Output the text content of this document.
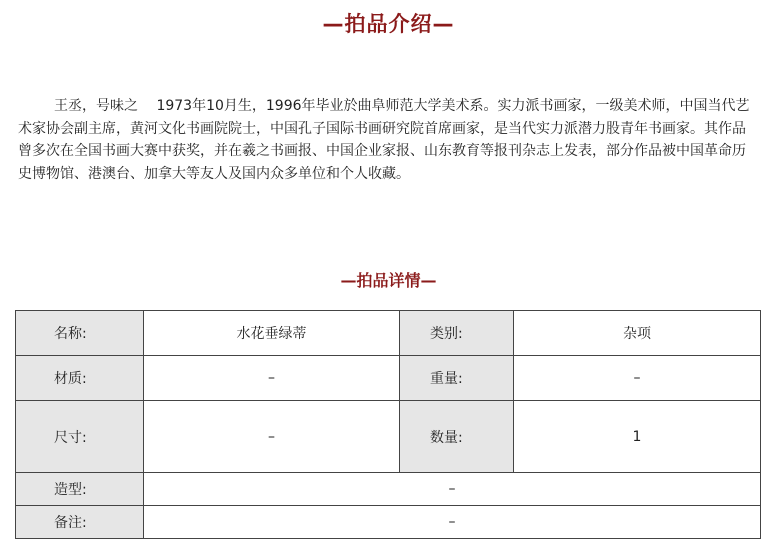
—拍品介绍—

王丞，号味之　 1973年10月生，1996年毕业於曲阜师范大学美术系。实力派书画家，一级美术师，中国当代艺术家协会副主席，黄河文化书画院院士，中国孔子国际书画研究院首席画家，是当代实力派潜力股青年书画家。其作品曾多次在全国书画大赛中获奖，并在羲之书画报、中国企业家报、山东教育等报刊杂志上发表，部分作品被中国革命历史博物馆、港澳台、加拿大等友人及国内众多单位和个人收藏。

—拍品详情—
名称:	水花垂绿蒂	类别:	杂项
材质:	–	重量:	–
尺寸:	–	数量:	1
造型:	–		
备注:	–		
